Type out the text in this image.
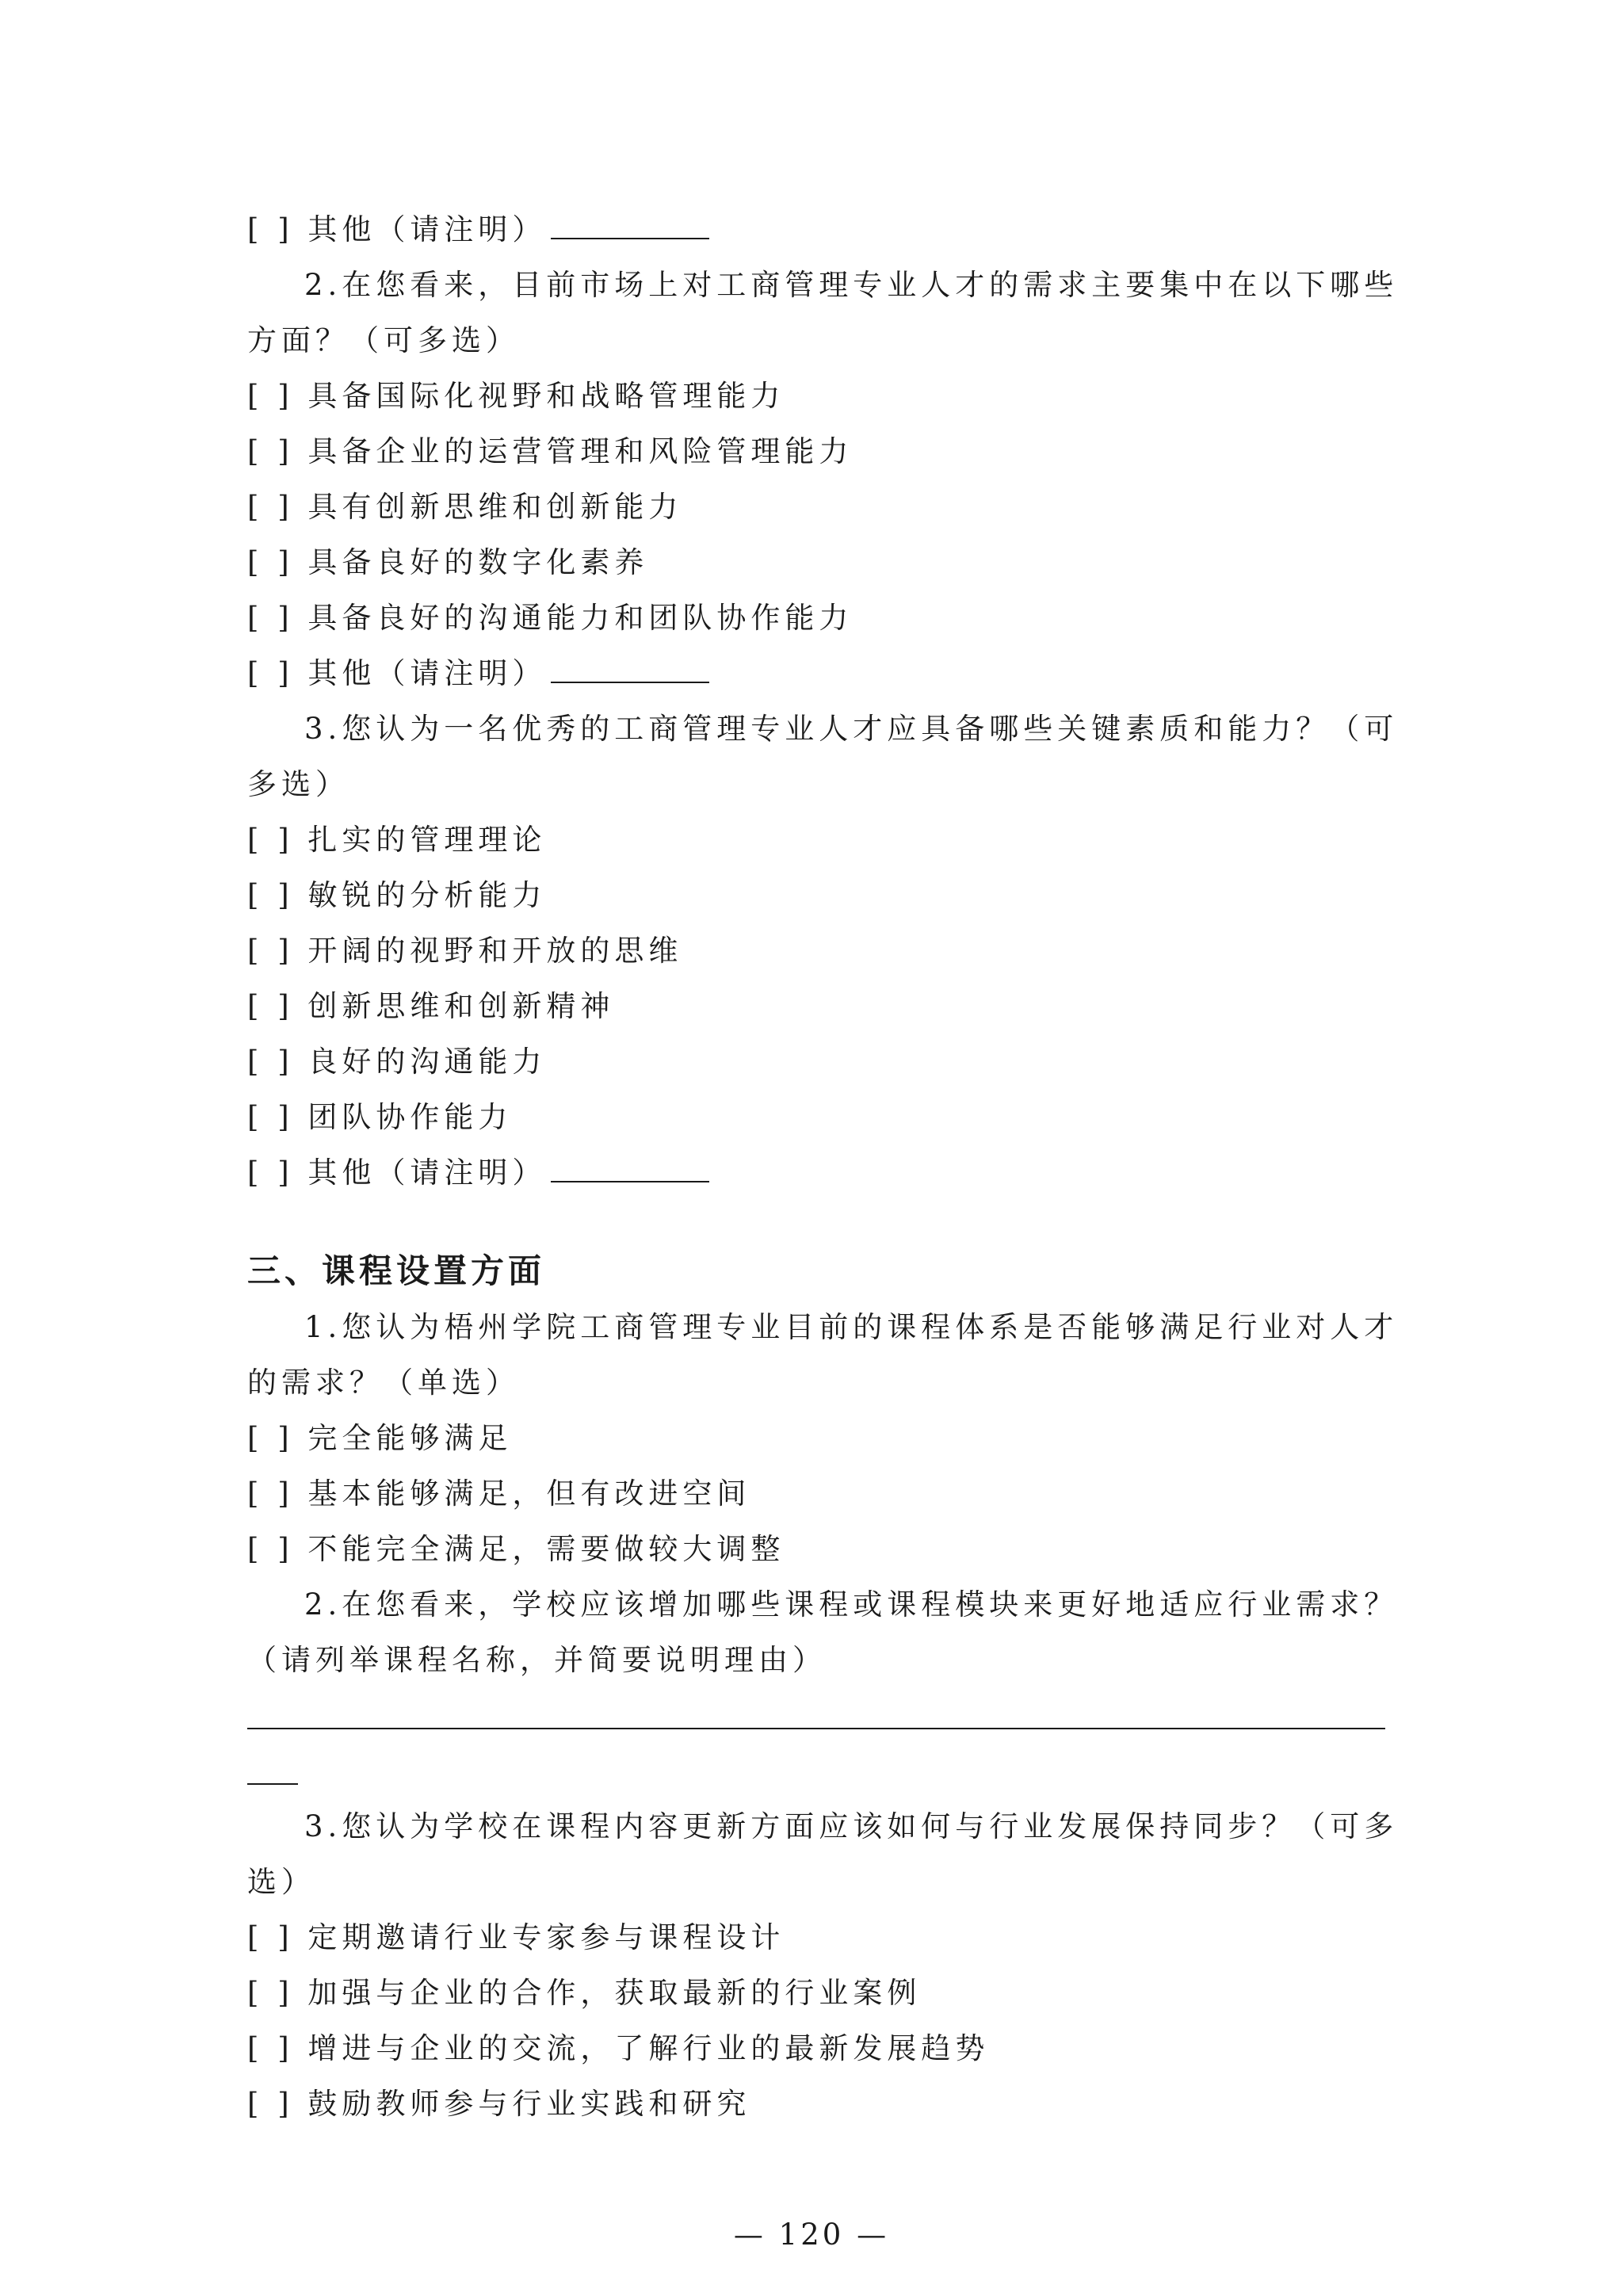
[ ] 其他（请注明）
2.在您看来，目前市场上对工商管理专业人才的需求主要集中在以下哪些
方面？（可多选）
[ ] 具备国际化视野和战略管理能力
[ ] 具备企业的运营管理和风险管理能力
[ ] 具有创新思维和创新能力
[ ] 具备良好的数字化素养
[ ] 具备良好的沟通能力和团队协作能力
[ ] 其他（请注明）
3.您认为一名优秀的工商管理专业人才应具备哪些关键素质和能力？（可
多选）
[ ] 扎实的管理理论
[ ] 敏锐的分析能力
[ ] 开阔的视野和开放的思维
[ ] 创新思维和创新精神
[ ] 良好的沟通能力
[ ] 团队协作能力
[ ] 其他（请注明）
三、课程设置方面
1.您认为梧州学院工商管理专业目前的课程体系是否能够满足行业对人才
的需求？（单选）
[ ] 完全能够满足
[ ] 基本能够满足，但有改进空间
[ ] 不能完全满足，需要做较大调整
2.在您看来，学校应该增加哪些课程或课程模块来更好地适应行业需求？
（请列举课程名称，并简要说明理由）
3.您认为学校在课程内容更新方面应该如何与行业发展保持同步？（可多
选）
[ ] 定期邀请行业专家参与课程设计
[ ] 加强与企业的合作，获取最新的行业案例
[ ] 增进与企业的交流，了解行业的最新发展趋势
[ ] 鼓励教师参与行业实践和研究
— 120 —
